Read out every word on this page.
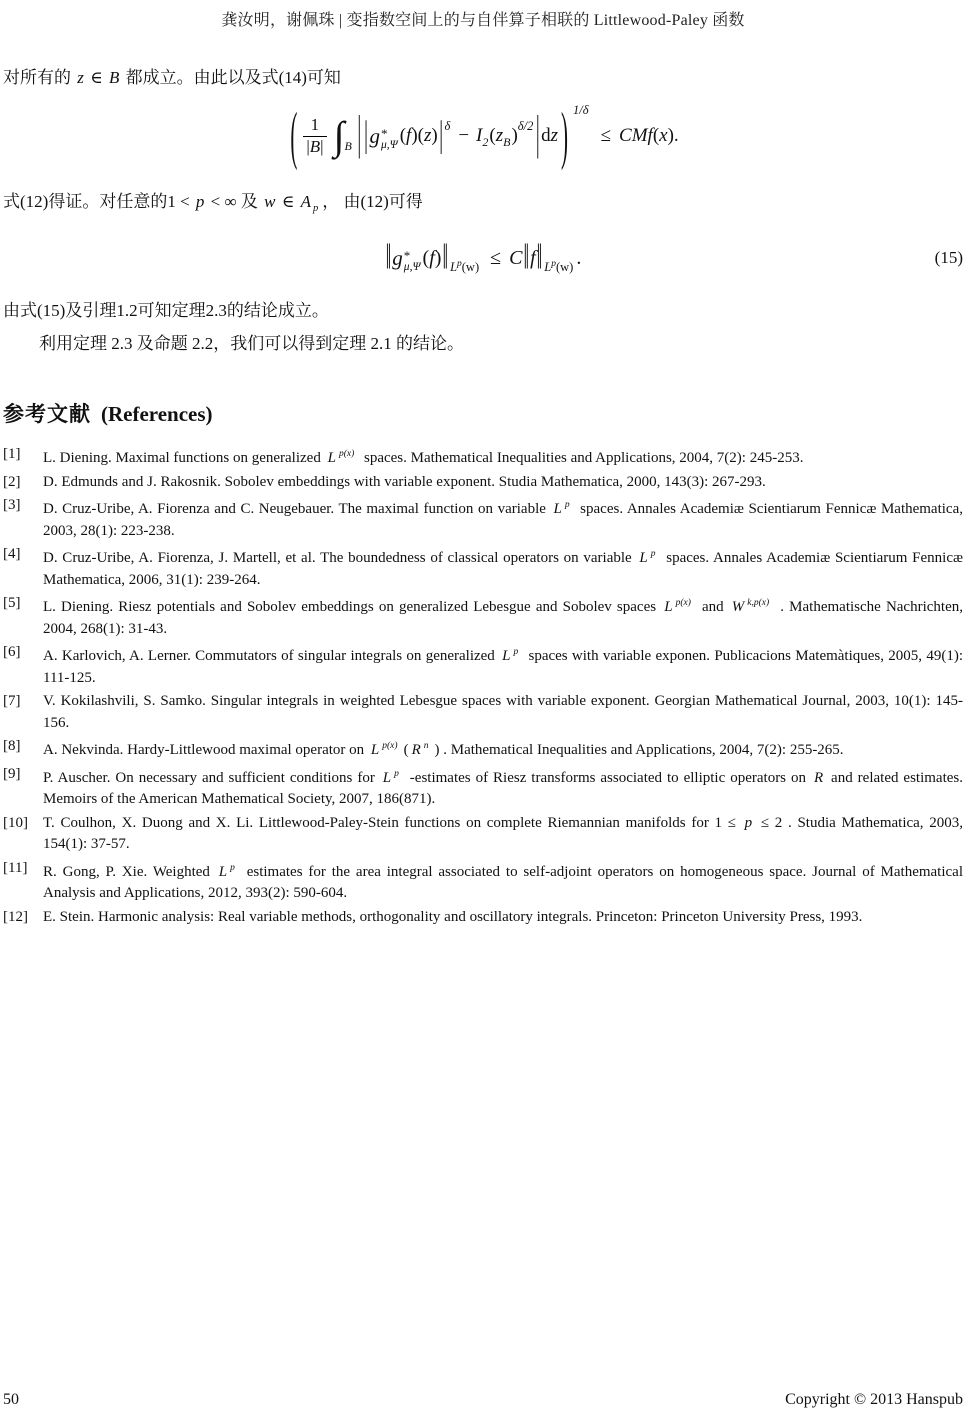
龚汝明，谢佩珠 | 变指数空间上的与自伴算子相联的 Littlewood-Paley 函数

对所有的 z ∈ B 都成立。由此以及式(14)可知

( $\frac{1}{|B|}$ ∫ B | | g *
μ,Ψ ( f )( z ) | δ − I 2 ( z B ) δ/2 | d z ) 1/δ
≤ CMf ( x ).

式(12)得证。对任意的1 < p < ∞ 及 w ∈ A $_p$ ， 由(12)可得

‖ g *
μ,Ψ ( f ) ‖ $L^p(w) \le C$ ‖ f ‖ $L^p(w)$ .	(15)

由式(15)及引理1.2可知定理2.3的结论成立。

利用定理 2.3 及命题 2.2，我们可以得到定理 2.1 的结论。

参考文献 (References)
[1]	L. Diening. Maximal functions on generalized L $^{p(x)}$ spaces. Mathematical Inequalities and Applications, 2004, 7(2): 245-253.
[2]	D. Edmunds and J. Rakosnik. Sobolev embeddings with variable exponent. Studia Mathematica, 2000, 143(3): 267-293.
[3]	D. Cruz-Uribe, A. Fiorenza and C. Neugebauer. The maximal function on variable L $^p$ spaces. Annales Academiæ Scientiarum Fennicæ Mathematica, 2003, 28(1): 223-238.
[4]	D. Cruz-Uribe, A. Fiorenza, J. Martell, et al. The boundedness of classical operators on variable L $^p$ spaces. Annales Academiæ Scientiarum Fennicæ Mathematica, 2006, 31(1): 239-264.
[5]	L. Diening. Riesz potentials and Sobolev embeddings on generalized Lebesgue and Sobolev spaces L $^{p(x)}$ and W $^{k,p(x)}$ . Mathematische Nachrichten, 2004, 268(1): 31-43.
[6]	A. Karlovich, A. Lerner. Commutators of singular integrals on generalized L $^p$ spaces with variable exponen. Publicacions Matemàtiques, 2005, 49(1): 111-125.
[7]	V. Kokilashvili, S. Samko. Singular integrals in weighted Lebesgue spaces with variable exponent. Georgian Mathematical Journal, 2003, 10(1): 145-156.
[8]	A. Nekvinda. Hardy-Littlewood maximal operator on L $^{p(x)}$ ( R $^n$ ) . Mathematical Inequalities and Applications, 2004, 7(2): 255-265.
[9]	P. Auscher. On necessary and sufficient conditions for L $^p$ -estimates of Riesz transforms associated to elliptic operators on R and related estimates. Memoirs of the American Mathematical Society, 2007, 186(871).
[10]	T. Coulhon, X. Duong and X. Li. Littlewood-Paley-Stein functions on complete Riemannian manifolds for 1 ≤ p ≤ 2 . Studia Mathematica, 2003, 154(1): 37-57.
[11]	R. Gong, P. Xie. Weighted L $^p$ estimates for the area integral associated to self-adjoint operators on homogeneous space. Journal of Mathematical Analysis and Applications, 2012, 393(2): 590-604.
[12]	E. Stein. Harmonic analysis: Real variable methods, orthogonality and oscillatory integrals. Princeton: Princeton University Press, 1993.
50	Copyright © 2013 Hanspub
